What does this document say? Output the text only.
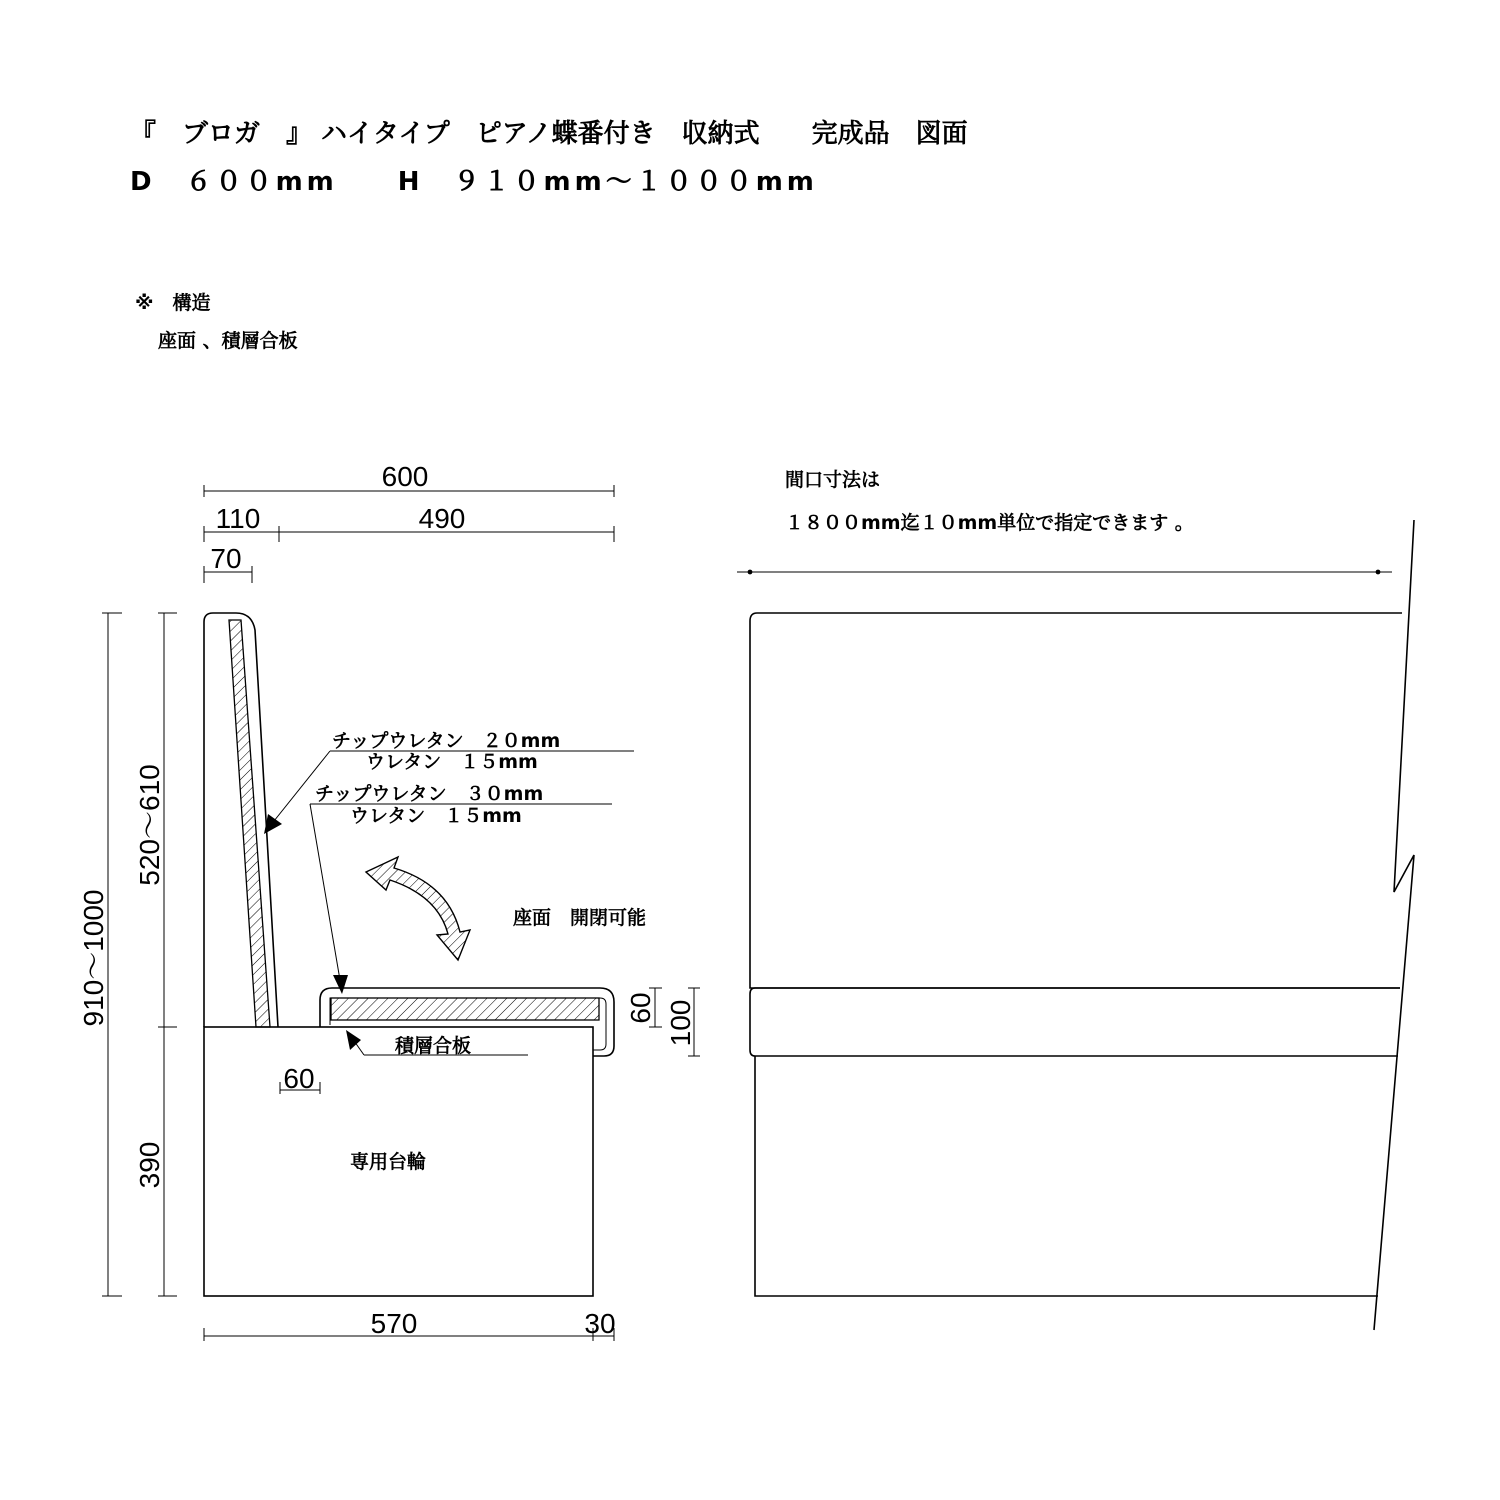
『　ブロガ　』 ハイタイプ　ピアノ蝶番付き　収納式　　完成品　図面
D　６００mm　　H　９１０mm～１０００mm
※　構造
座面 、積層合板
間口寸法は
１８００mm迄１０mm単位で指定できます 。
600
110	490
70
910～1000
520～610
390
60 100
60
570	30
チップウレタン　２０mm
ウレタン　１５mm
チップウレタン　３０mm
ウレタン　１５mm
積層合板
座面　開閉可能
専用台輪
